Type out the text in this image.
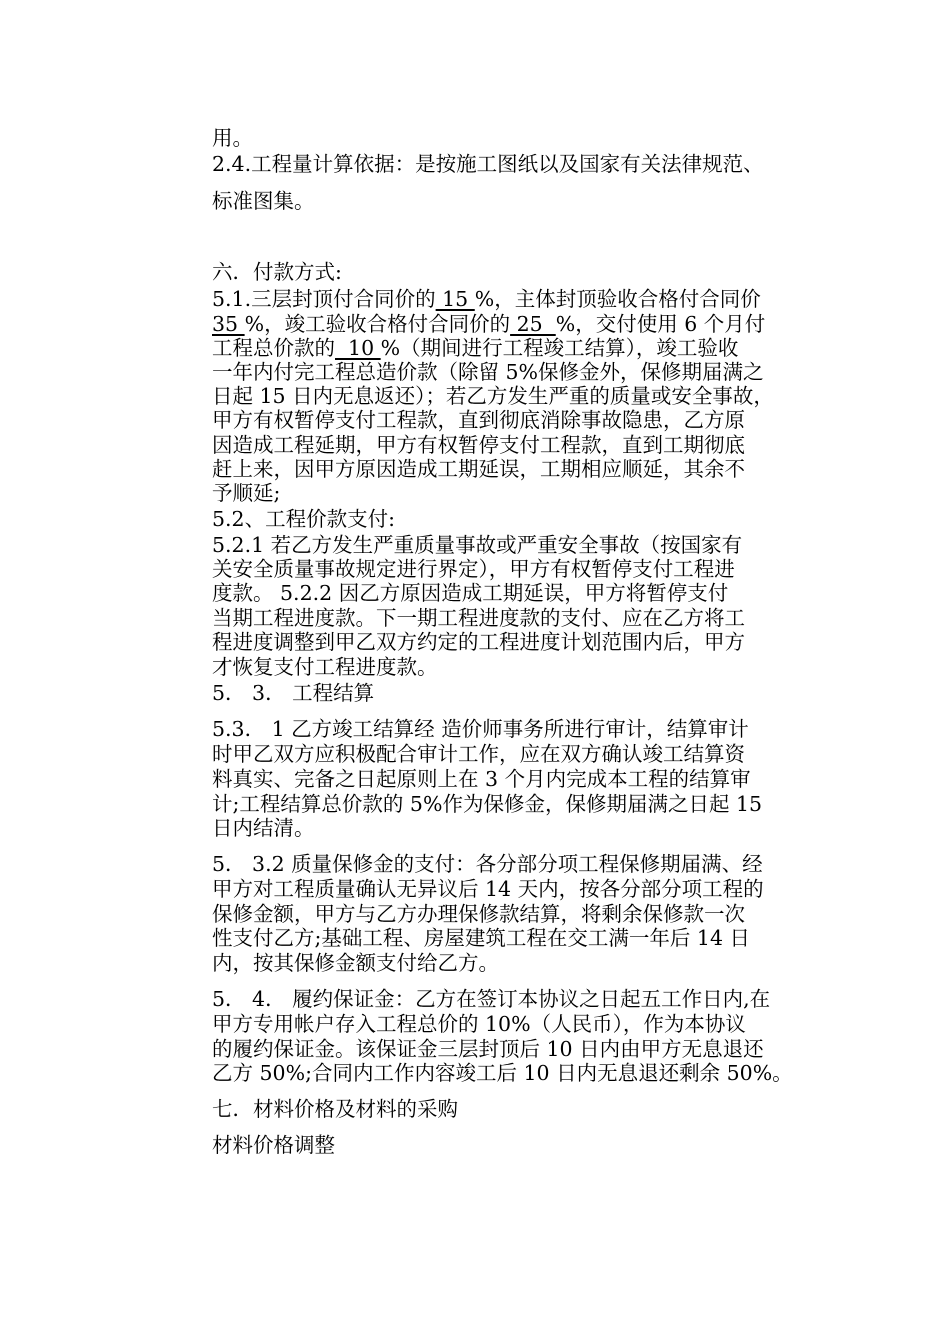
用。
2.4.工程量计算依据：是按施工图纸以及国家有关法律规范、
标准图集。
六．付款方式:
5.1.三层封顶付合同价的 15 %，主体封顶验收合格付合同价
35 %，竣工验收合格付合同价的 25  %，交付使用 6 个月付
工程总价款的  10 %（期间进行工程竣工结算），竣工验收
一年内付完工程总造价款（除留 5%保修金外，保修期届满之
日起 15 日内无息返还）；若乙方发生严重的质量或安全事故，
甲方有权暂停支付工程款，直到彻底消除事故隐患，乙方原
因造成工程延期，甲方有权暂停支付工程款，直到工期彻底
赶上来，因甲方原因造成工期延误，工期相应顺延，其余不
予顺延;
5.2、工程价款支付:
5.2.1 若乙方发生严重质量事故或严重安全事故（按国家有
关安全质量事故规定进行界定），甲方有权暂停支付工程进
度款。 5.2.2 因乙方原因造成工期延误，甲方将暂停支付
当期工程进度款。下一期工程进度款的支付、应在乙方将工
程进度调整到甲乙双方约定的工程进度计划范围内后，甲方
才恢复支付工程进度款。
5． 3． 工程结算
5.3． 1 乙方竣工结算经 造价师事务所进行审计，结算审计
时甲乙双方应积极配合审计工作，应在双方确认竣工结算资
料真实、完备之日起原则上在 3 个月内完成本工程的结算审
计;工程结算总价款的 5%作为保修金，保修期届满之日起 15
日内结清。
5． 3.2 质量保修金的支付：各分部分项工程保修期届满、经
甲方对工程质量确认无异议后 14 天内，按各分部分项工程的
保修金额，甲方与乙方办理保修款结算，将剩余保修款一次
性支付乙方;基础工程、房屋建筑工程在交工满一年后 14 日
内，按其保修金额支付给乙方。
5． 4． 履约保证金：乙方在签订本协议之日起五工作日内,在
甲方专用帐户存入工程总价的 10%（人民币），作为本协议
的履约保证金。该保证金三层封顶后 10 日内由甲方无息退还
乙方 50%;合同内工作内容竣工后 10 日内无息退还剩余 50%。
七．材料价格及材料的采购
材料价格调整
